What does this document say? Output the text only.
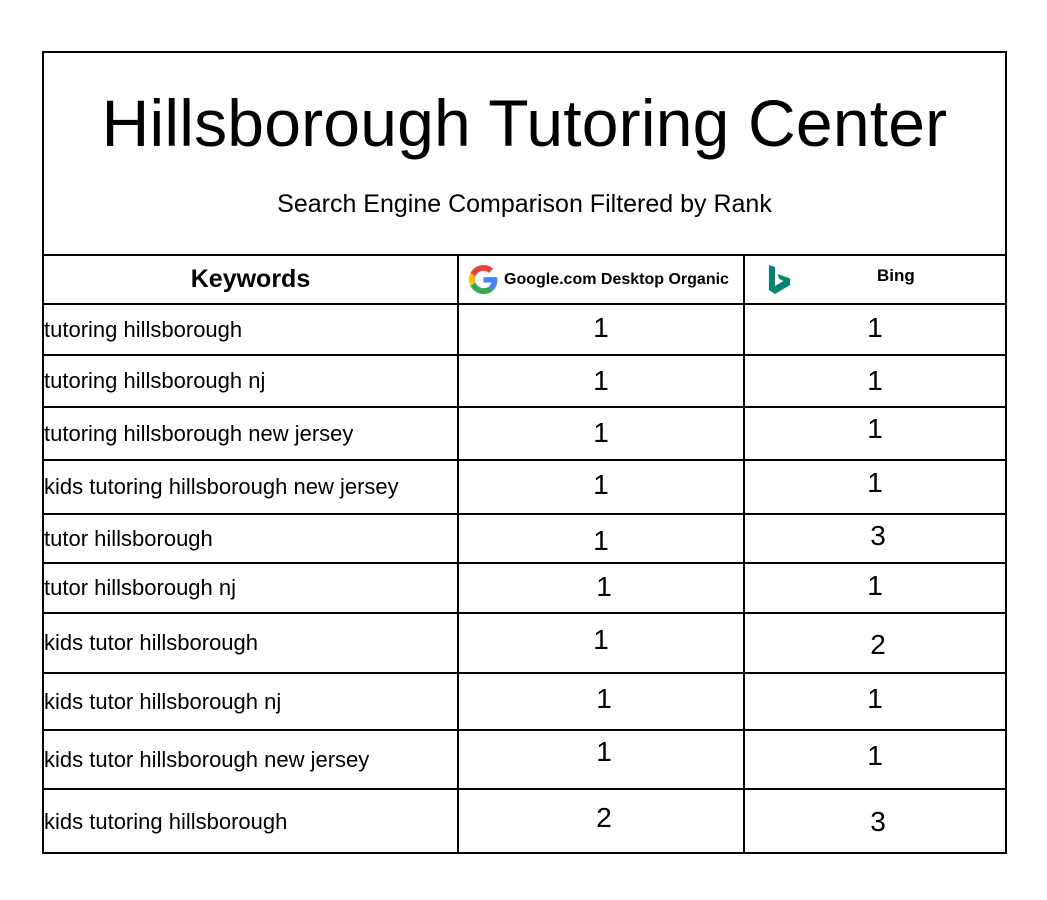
Hillsborough Tutoring Center
Search Engine Comparison Filtered by Rank
Keywords	Google.com Desktop Organic	Bing

tutoring hillsborough	1	1
tutoring hillsborough nj	1	1
tutoring hillsborough new jersey	1	1
kids tutoring hillsborough new jersey	1	1
tutor hillsborough	1	3
tutor hillsborough nj	1	1
kids tutor hillsborough	1	2
kids tutor hillsborough nj	1	1
kids tutor hillsborough new jersey	1	1
kids tutoring hillsborough	2	3
